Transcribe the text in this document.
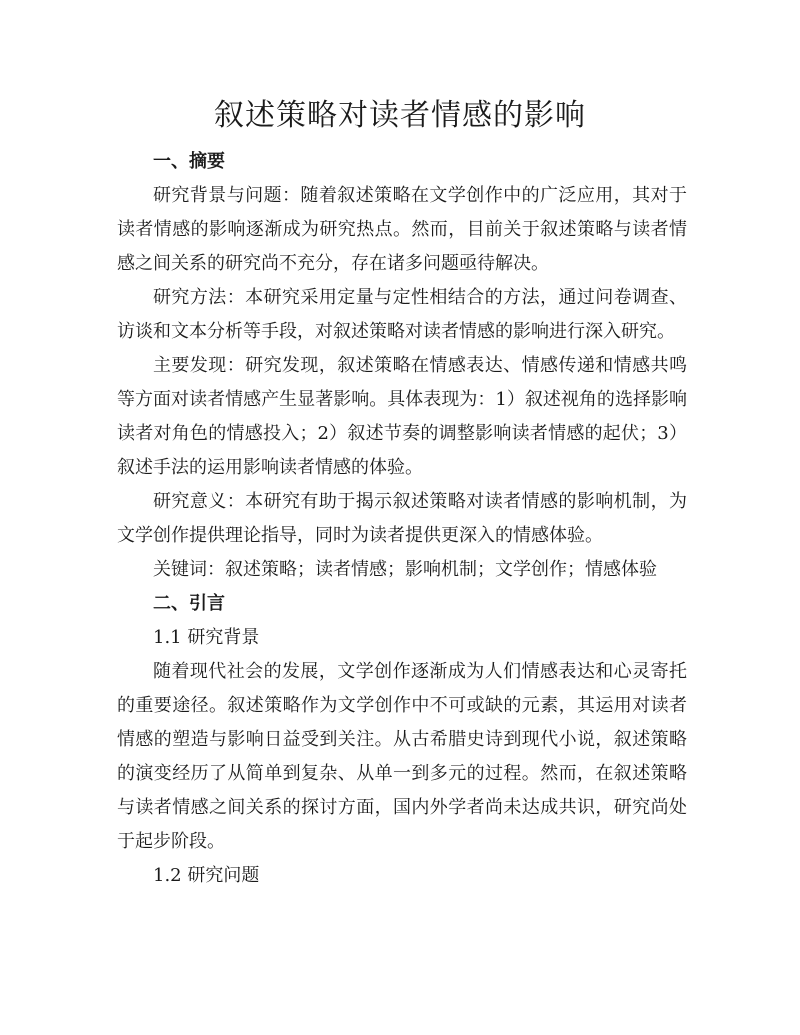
叙述策略对读者情感的影响

一、摘要

研究背景与问题：随着叙述策略在文学创作中的广泛应用，其对于读者情感的影响逐渐成为研究热点。然而，目前关于叙述策略与读者情感之间关系的研究尚不充分，存在诸多问题亟待解决。

研究方法：本研究采用定量与定性相结合的方法，通过问卷调查、访谈和文本分析等手段，对叙述策略对读者情感的影响进行深入研究。

主要发现：研究发现，叙述策略在情感表达、情感传递和情感共鸣等方面对读者情感产生显著影响。具体表现为：1）叙述视角的选择影响读者对角色的情感投入；2）叙述节奏的调整影响读者情感的起伏；3）叙述手法的运用影响读者情感的体验。

研究意义：本研究有助于揭示叙述策略对读者情感的影响机制，为文学创作提供理论指导，同时为读者提供更深入的情感体验。

关键词：叙述策略；读者情感；影响机制；文学创作；情感体验

二、引言

1.1 研究背景

随着现代社会的发展，文学创作逐渐成为人们情感表达和心灵寄托的重要途径。叙述策略作为文学创作中不可或缺的元素，其运用对读者情感的塑造与影响日益受到关注。从古希腊史诗到现代小说，叙述策略的演变经历了从简单到复杂、从单一到多元的过程。然而，在叙述策略与读者情感之间关系的探讨方面，国内外学者尚未达成共识，研究尚处于起步阶段。

1.2 研究问题
